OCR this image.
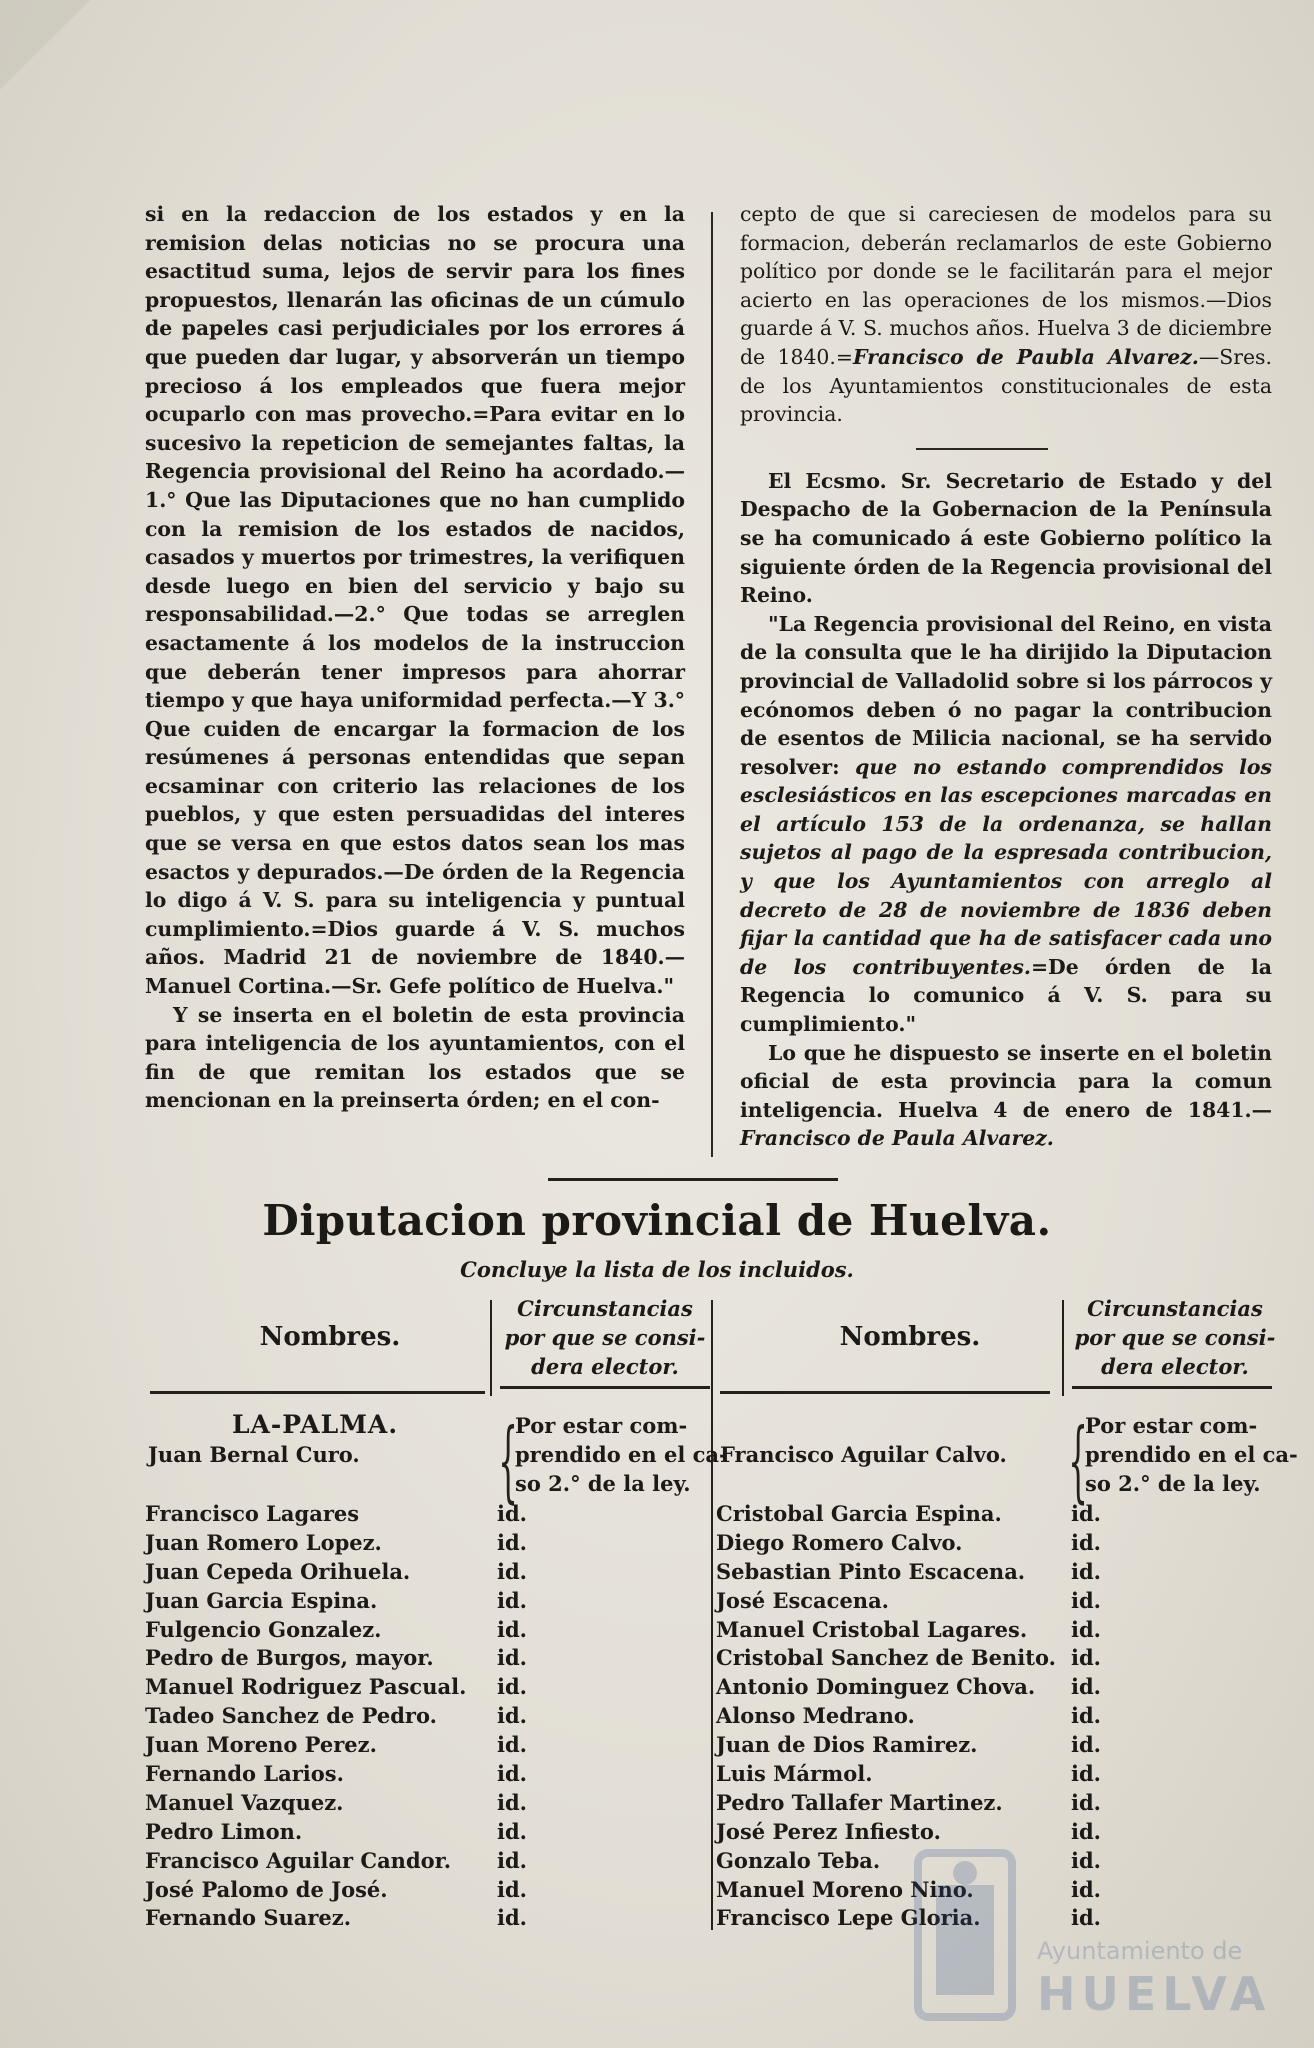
si en la redaccion de los estados y en la remision delas noticias no se procura una esactitud suma, lejos de servir para los fines propuestos, llenarán las oficinas de un cúmulo de papeles casi perjudiciales por los errores á que pueden dar lugar, y absorverán un tiempo precioso á los empleados que fuera mejor ocuparlo con mas provecho.=Para evitar en lo sucesivo la repeticion de semejantes faltas, la Regencia provisional del Reino ha acordado.—1.° Que las Diputaciones que no han cumplido con la remision de los estados de nacidos, casados y muertos por trimestres, la verifiquen desde luego en bien del servicio y bajo su responsabilidad.—2.° Que todas se arreglen esactamente á los modelos de la instruccion que deberán tener impresos para ahorrar tiempo y que haya uniformidad perfecta.—Y 3.° Que cuiden de encargar la formacion de los resúmenes á personas entendidas que sepan ecsaminar con criterio las relaciones de los pueblos, y que esten persuadidas del interes que se versa en que estos datos sean los mas esactos y depurados.—De órden de la Regencia lo digo á V. S. para su inteligencia y puntual cumplimiento.=Dios guarde á V. S. muchos años. Madrid 21 de noviembre de 1840.—Manuel Cortina.—Sr. Gefe político de Huelva."

Y se inserta en el boletin de esta provincia para inteligencia de los ayuntamientos, con el fin de que remitan los estados que se mencionan en la preinserta órden; en el con-

cepto de que si careciesen de modelos para su formacion, deberán reclamarlos de este Gobierno político por donde se le facilitarán para el mejor acierto en las operaciones de los mismos.—Dios guarde á V. S. muchos años. Huelva 3 de diciembre de 1840.=Francisco de Paubla Alvarez.—Sres. de los Ayuntamientos constitucionales de esta provincia.

El Ecsmo. Sr. Secretario de Estado y del Despacho de la Gobernacion de la Península se ha comunicado á este Gobierno político la siguiente órden de la Regencia provisional del Reino.

"La Regencia provisional del Reino, en vista de la consulta que le ha dirijido la Diputacion provincial de Valladolid sobre si los párrocos y ecónomos deben ó no pagar la contribucion de esentos de Milicia nacional, se ha servido resolver: que no estando comprendidos los esclesiásticos en las escepciones marcadas en el artículo 153 de la ordenanza, se hallan sujetos al pago de la espresada contribucion, y que los Ayuntamientos con arreglo al decreto de 28 de noviembre de 1836 deben fijar la cantidad que ha de satisfacer cada uno de los contribuyentes.=De órden de la Regencia lo comunico á V. S. para su cumplimiento."

Lo que he dispuesto se inserte en el boletin oficial de esta provincia para la comun inteligencia. Huelva 4 de enero de 1841.—Francisco de Paula Alvarez.

Diputacion provincial de Huelva.
Concluye la lista de los incluidos.
Nombres.
Circunstancias
por que se consi-
dera elector.
Nombres.
Circunstancias
por que se consi-
dera elector.
LA-PALMA.
Juan Bernal Curo. {
Por estar com-
prendido en el ca-
so 2.° de la ley.
Francisco Aguilar Calvo. {
Por estar com-
prendido en el ca-
so 2.° de la ley.
Francisco Lagares	id.
Juan Romero Lopez.	id.
Juan Cepeda Orihuela.	id.
Juan Garcia Espina.	id.
Fulgencio Gonzalez.	id.
Pedro de Burgos, mayor.	id.
Manuel Rodriguez Pascual. id.
Tadeo Sanchez de Pedro.	id.
Juan Moreno Perez.	id.
Fernando Larios.	id.
Manuel Vazquez.	id.
Pedro Limon.	id.
Francisco Aguilar Candor. id.
José Palomo de José.	id.
Fernando Suarez.	id.
Cristobal Garcia Espina.	id.
Diego Romero Calvo.	id.
Sebastian Pinto Escacena. id.
José Escacena.	id.
Manuel Cristobal Lagares. id.
Cristobal Sanchez de Benito. id.
Antonio Dominguez Chova. id.
Alonso Medrano.	id.
Juan de Dios Ramirez.	id.
Luis Mármol.	id.
Pedro Tallafer Martinez.	id.
José Perez Infiesto.	id.
Gonzalo Teba.	id.
Manuel Moreno Nino.	id.
Francisco Lepe Gloria.	id.
Ayuntamiento de
HUELVA
